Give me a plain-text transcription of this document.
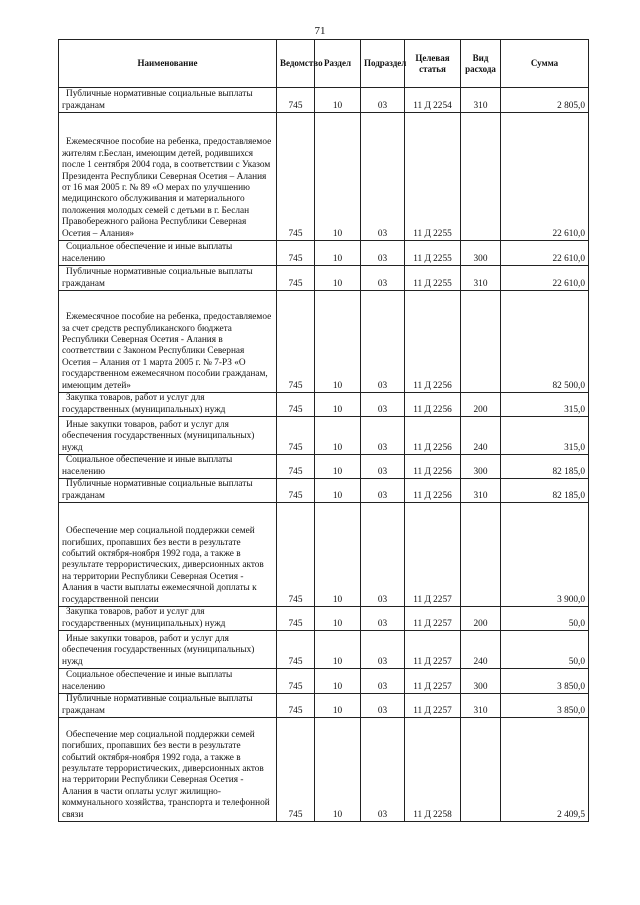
71
Наименование	Ведомство	Раздел	Подраздел	Целевая статья	Вид расхода	Сумма
Публичные нормативные социальные выплаты гражданам	745	10	03	11 Д 2254	310	2 805,0
Ежемесячное пособие на ребенка, предоставляемое жителям г.Беслан, имеющим детей, родившихся после 1 сентября 2004 года, в соответствии с Указом Президента Республики Северная Осетия – Алания от 16 мая 2005 г. № 89 «О мерах по улучшению медицинского обслуживания и материального положения молодых семей с детьми в г. Беслан Правобережного района Республики Северная Осетия – Алания»	745	10	03	11 Д 2255		22 610,0
Социальное обеспечение и иные выплаты населению	745	10	03	11 Д 2255	300	22 610,0
Публичные нормативные социальные выплаты гражданам	745	10	03	11 Д 2255	310	22 610,0
Ежемесячное пособие на ребенка, предоставляемое за счет средств республиканского бюджета Республики Северная Осетия - Алания в соответствии с Законом Республики Северная Осетия – Алания от 1 марта 2005 г. № 7-РЗ «О государственном ежемесячном пособии гражданам, имеющим детей»	745	10	03	11 Д 2256		82 500,0
Закупка товаров, работ и услуг для государственных (муниципальных) нужд	745	10	03	11 Д 2256	200	315,0
Иные закупки товаров, работ и услуг для обеспечения государственных (муниципальных) нужд	745	10	03	11 Д 2256	240	315,0
Социальное обеспечение и иные выплаты населению	745	10	03	11 Д 2256	300	82 185,0
Публичные нормативные социальные выплаты гражданам	745	10	03	11 Д 2256	310	82 185,0
Обеспечение мер социальной поддержки семей погибших, пропавших без вести в результате событий октября-ноября 1992 года, а также в результате террористических, диверсионных актов на территории Республики Северная Осетия - Алания в части выплаты ежемесячной доплаты к государственной пенсии	745	10	03	11 Д 2257		3 900,0
Закупка товаров, работ и услуг для государственных (муниципальных) нужд	745	10	03	11 Д 2257	200	50,0
Иные закупки товаров, работ и услуг для обеспечения государственных (муниципальных) нужд	745	10	03	11 Д 2257	240	50,0
Социальное обеспечение и иные выплаты населению	745	10	03	11 Д 2257	300	3 850,0
Публичные нормативные социальные выплаты гражданам	745	10	03	11 Д 2257	310	3 850,0
Обеспечение мер социальной поддержки семей погибших, пропавших без вести в результате событий октября-ноября 1992 года, а также в результате террористических, диверсионных актов на территории Республики Северная Осетия - Алания в части оплаты услуг жилищно-коммунального хозяйства, транспорта и телефонной связи	745	10	03	11 Д 2258		2 409,5
